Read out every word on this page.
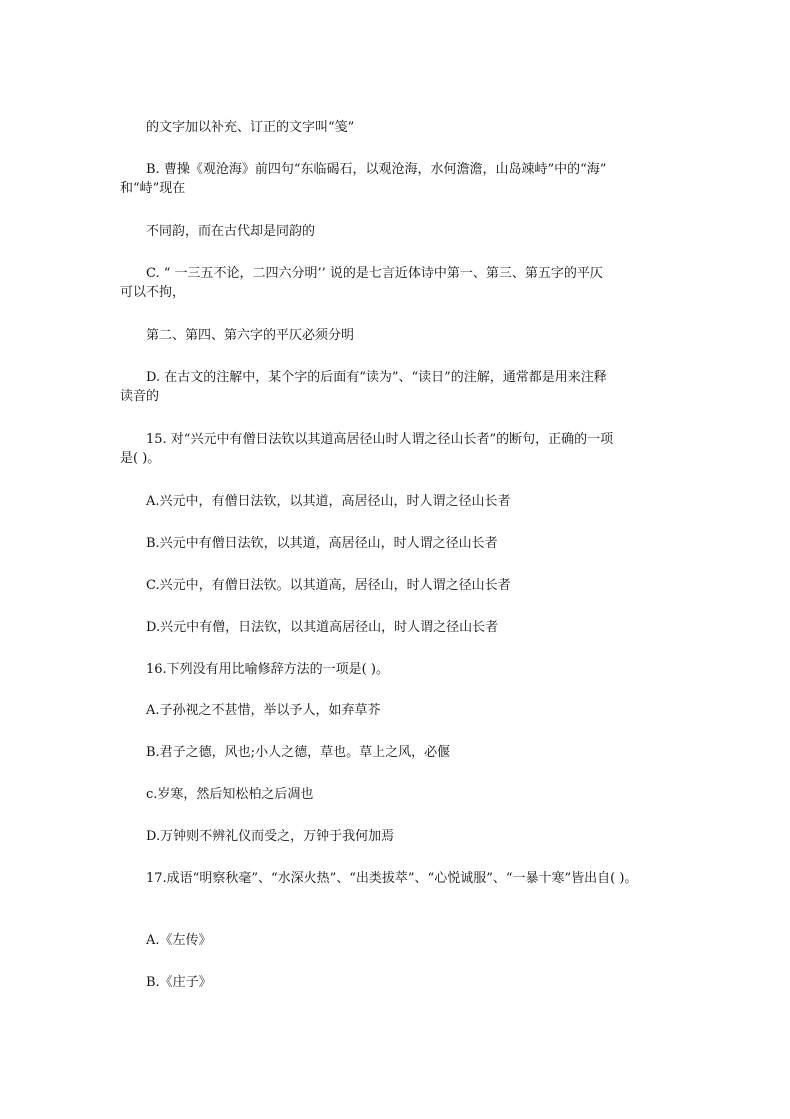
的文字加以补充、订正的文字叫“笺”
B. 曹操《观沧海》前四句“东临碣石，以观沧海，水何澹澹，山岛竦峙”中的“海”
和“峙”现在
不同韵，而在古代却是同韵的
C. “ 一三五不论，二四六分明’’ 说的是七言近体诗中第一、第三、第五字的平仄
可以不拘，
第二、第四、第六字的平仄必须分明
D. 在古文的注解中，某个字的后面有“读为”、“读日”的注解，通常都是用来注释
读音的
15. 对“兴元中有僧日法钦以其道高居径山时人谓之径山长者”的断句，正确的一项
是( )。
A.兴元中，有僧日法钦，以其道，高居径山，时人谓之径山长者
B.兴元中有僧日法钦，以其道，高居径山，时人谓之径山长者
C.兴元中，有僧日法钦。以其道高，居径山，时人谓之径山长者
D.兴元中有僧，日法钦，以其道高居径山，时人谓之径山长者
16.下列没有用比喻修辞方法的一项是( )。
A.子孙视之不甚惜，举以予人，如弃草芥
B.君子之德，风也;小人之德，草也。草上之风，必偃
c.岁寒，然后知松柏之后凋也
D.万钟则不辨礼仪而受之，万钟于我何加焉
17.成语“明察秋毫”、“水深火热”、“出类拔萃”、“心悦诚服”、“一暴十寒”皆出自( )。
A.《左传》
B.《庄子》
